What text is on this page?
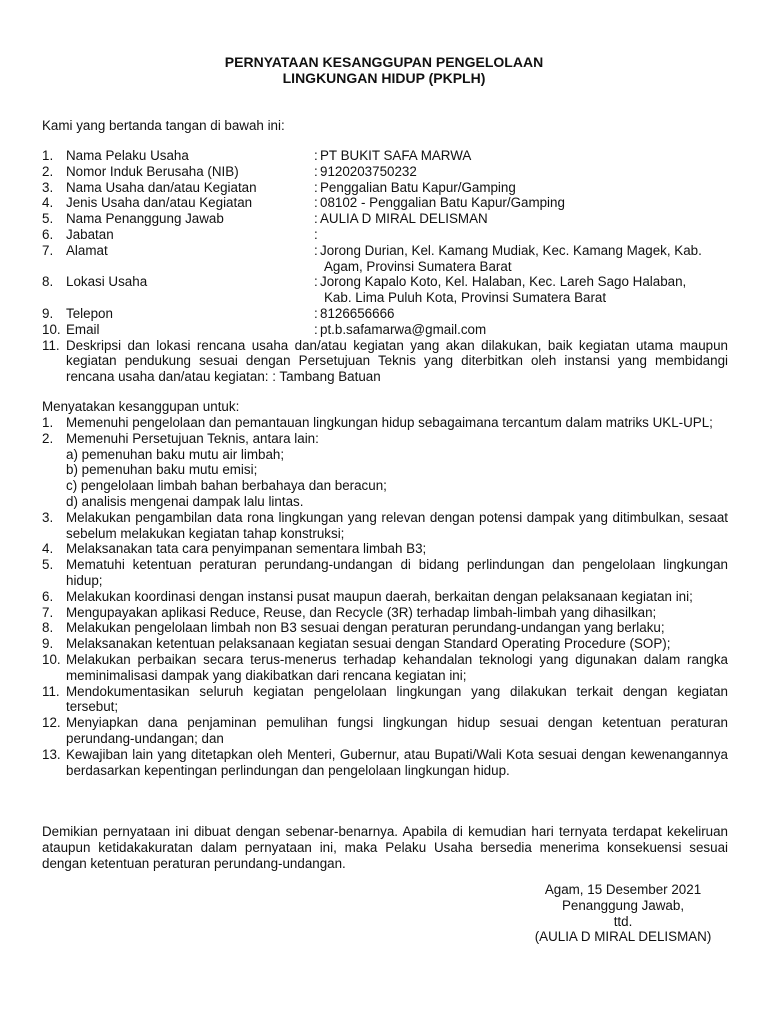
PERNYATAAN KESANGGUPAN PENGELOLAAN
LINGKUNGAN HIDUP (PKPLH)
Kami yang bertanda tangan di bawah ini:
1. Nama Pelaku Usaha	: PT BUKIT SAFA MARWA
2. Nomor Induk Berusaha (NIB)	: 9120203750232
3. Nama Usaha dan/atau Kegiatan	: Penggalian Batu Kapur/Gamping
4. Jenis Usaha dan/atau Kegiatan	: 08102 - Penggalian Batu Kapur/Gamping
5. Nama Penanggung Jawab	: AULIA D MIRAL DELISMAN
6. Jabatan	:
7. Alamat	: Jorong Durian, Kel. Kamang Mudiak, Kec. Kamang Magek, Kab.
Agam, Provinsi Sumatera Barat
8. Lokasi Usaha	: Jorong Kapalo Koto, Kel. Halaban, Kec. Lareh Sago Halaban,
Kab. Lima Puluh Kota, Provinsi Sumatera Barat
9. Telepon	: 8126656666
10. Email	: pt.b.safamarwa@gmail.com
11. Deskripsi dan lokasi rencana usaha dan/atau kegiatan yang akan dilakukan, baik kegiatan utama maupun kegiatan pendukung sesuai dengan Persetujuan Teknis yang diterbitkan oleh instansi yang membidangi rencana usaha dan/atau kegiatan: : Tambang Batuan
Menyatakan kesanggupan untuk:
1. Memenuhi pengelolaan dan pemantauan lingkungan hidup sebagaimana tercantum dalam matriks UKL-UPL;
2. Memenuhi Persetujuan Teknis, antara lain:
a) pemenuhan baku mutu air limbah;
b) pemenuhan baku mutu emisi;
c) pengelolaan limbah bahan berbahaya dan beracun;
d) analisis mengenai dampak lalu lintas.
3. Melakukan pengambilan data rona lingkungan yang relevan dengan potensi dampak yang ditimbulkan, sesaat sebelum melakukan kegiatan tahap konstruksi;
4. Melaksanakan tata cara penyimpanan sementara limbah B3;
5. Mematuhi ketentuan peraturan perundang-undangan di bidang perlindungan dan pengelolaan lingkungan hidup;
6. Melakukan koordinasi dengan instansi pusat maupun daerah, berkaitan dengan pelaksanaan kegiatan ini;
7. Mengupayakan aplikasi Reduce, Reuse, dan Recycle (3R) terhadap limbah-limbah yang dihasilkan;
8. Melakukan pengelolaan limbah non B3 sesuai dengan peraturan perundang-undangan yang berlaku;
9. Melaksanakan ketentuan pelaksanaan kegiatan sesuai dengan Standard Operating Procedure (SOP);
10. Melakukan perbaikan secara terus-menerus terhadap kehandalan teknologi yang digunakan dalam rangka meminimalisasi dampak yang diakibatkan dari rencana kegiatan ini;
11. Mendokumentasikan seluruh kegiatan pengelolaan lingkungan yang dilakukan terkait dengan kegiatan tersebut;
12. Menyiapkan dana penjaminan pemulihan fungsi lingkungan hidup sesuai dengan ketentuan peraturan perundang-undangan; dan
13. Kewajiban lain yang ditetapkan oleh Menteri, Gubernur, atau Bupati/Wali Kota sesuai dengan kewenangannya berdasarkan kepentingan perlindungan dan pengelolaan lingkungan hidup.
Demikian pernyataan ini dibuat dengan sebenar-benarnya. Apabila di kemudian hari ternyata terdapat kekeliruan ataupun ketidakakuratan dalam pernyataan ini, maka Pelaku Usaha bersedia menerima konsekuensi sesuai dengan ketentuan peraturan perundang-undangan.
Agam, 15 Desember 2021
Penanggung Jawab,
ttd.
(AULIA D MIRAL DELISMAN)
